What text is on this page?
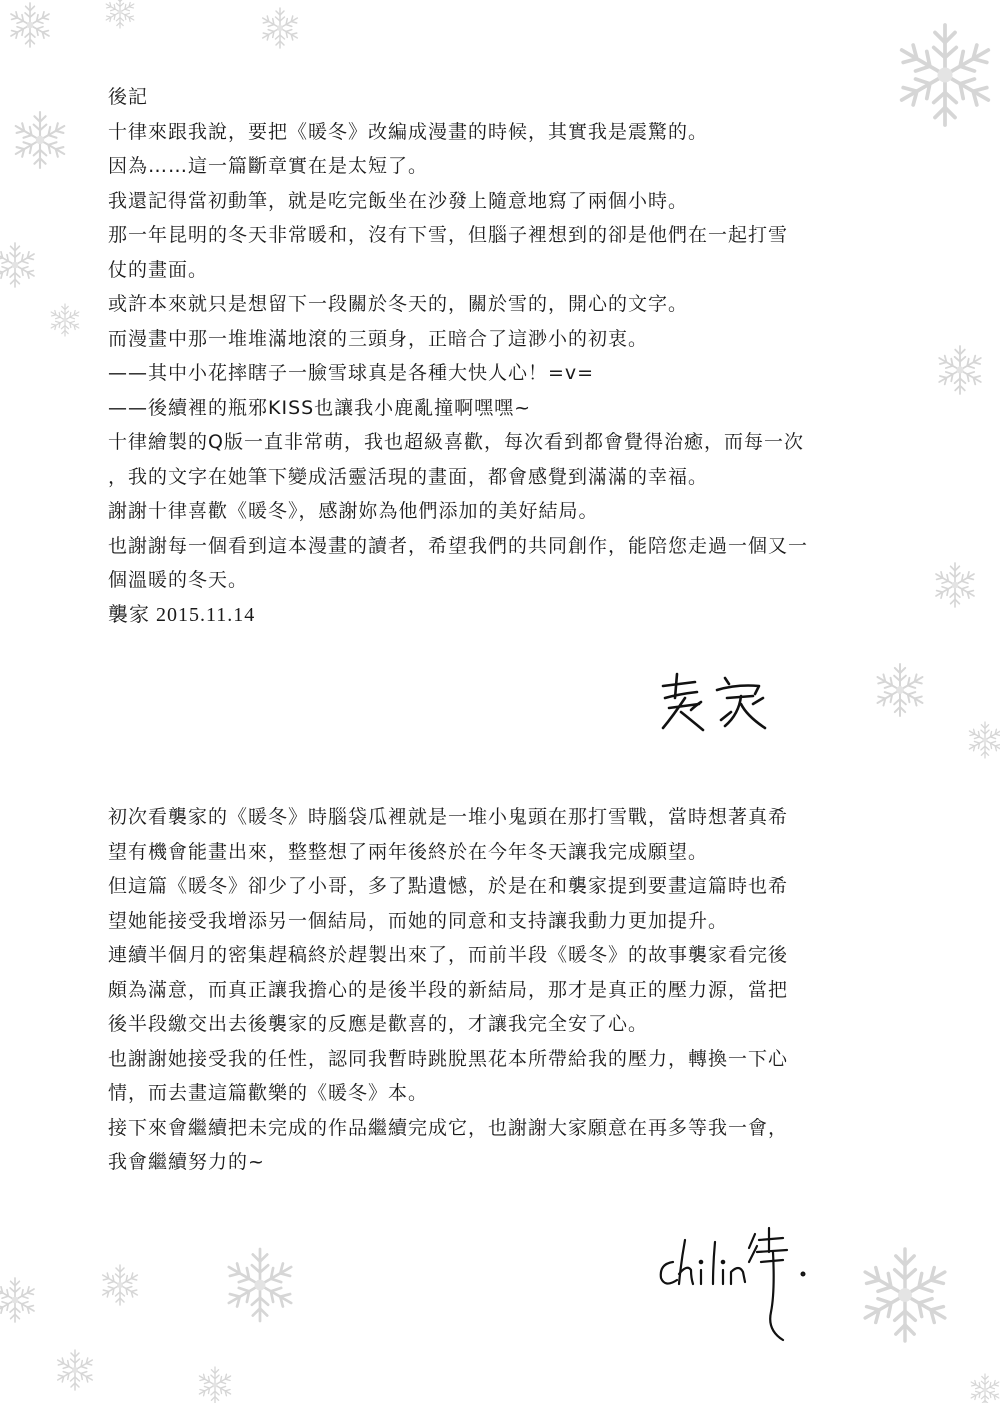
後記
十律來跟我說，要把《暖冬》改編成漫畫的時候，其實我是震驚的。
因為……這一篇斷章實在是太短了。
我還記得當初動筆，就是吃完飯坐在沙發上隨意地寫了兩個小時。
那一年昆明的冬天非常暖和，沒有下雪，但腦子裡想到的卻是他們在一起打雪
仗的畫面。
或許本來就只是想留下一段關於冬天的，關於雪的，開心的文字。
而漫畫中那一堆堆滿地滾的三頭身，正暗合了這渺小的初衷。
——其中小花摔瞎子一臉雪球真是各種大快人心！=v=
——後續裡的瓶邪KISS也讓我小鹿亂撞啊嘿嘿~
十律繪製的Q版一直非常萌，我也超級喜歡，每次看到都會覺得治癒，而每一次
，我的文字在她筆下變成活靈活現的畫面，都會感覺到滿滿的幸福。
謝謝十律喜歡《暖冬》，感謝妳為他們添加的美好結局。
也謝謝每一個看到這本漫畫的讀者，希望我們的共同創作，能陪您走過一個又一
個溫暖的冬天。
襲家 2015.11.14
初次看襲家的《暖冬》時腦袋瓜裡就是一堆小鬼頭在那打雪戰，當時想著真希
望有機會能畫出來，整整想了兩年後終於在今年冬天讓我完成願望。
但這篇《暖冬》卻少了小哥，多了點遺憾，於是在和襲家提到要畫這篇時也希
望她能接受我增添另一個結局，而她的同意和支持讓我動力更加提升。
連續半個月的密集趕稿終於趕製出來了，而前半段《暖冬》的故事襲家看完後
頗為滿意，而真正讓我擔心的是後半段的新結局，那才是真正的壓力源，當把
後半段繳交出去後襲家的反應是歡喜的，才讓我完全安了心。
也謝謝她接受我的任性，認同我暫時跳脫黑花本所帶給我的壓力，轉換一下心
情，而去畫這篇歡樂的《暖冬》本。
接下來會繼續把未完成的作品繼續完成它，也謝謝大家願意在再多等我一會，
我會繼續努力的~
